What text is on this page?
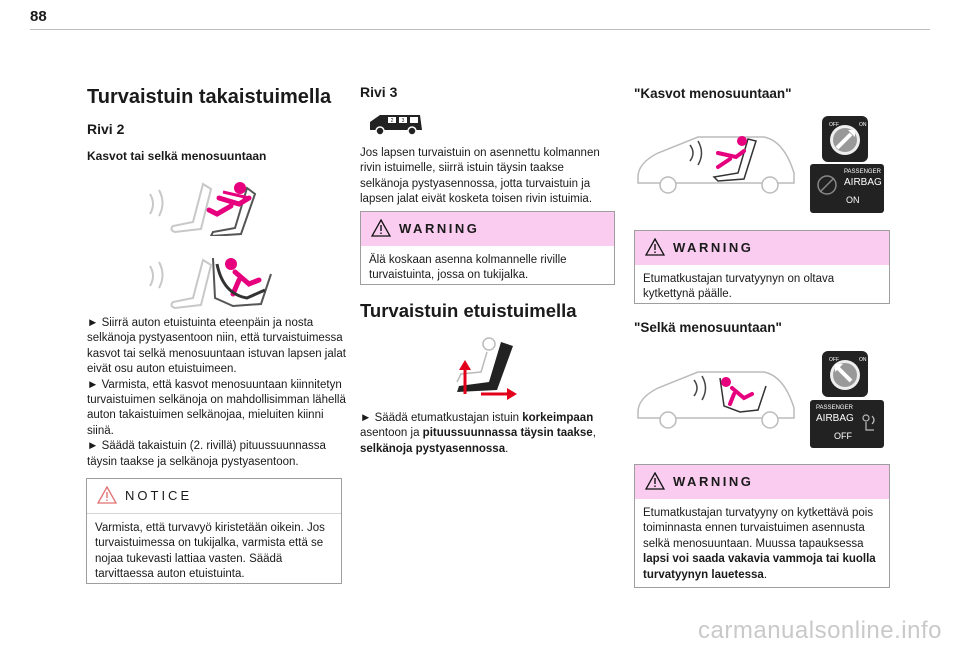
88
Turvaistuin takaistuimella
Rivi 2
Kasvot tai selkä menosuuntaan

► Siirrä auton etuistuinta eteenpäin ja nosta selkänoja pystyasentoon niin, että turvaistuimessa kasvot tai selkä menosuuntaan istuvan lapsen jalat eivät osu auton etuistuimeen.

► Varmista, että kasvot menosuuntaan kiinnitetyn turvaistuimen selkänoja on mahdollisimman lähellä auton takaistuimen selkänojaa, mieluiten kiinni siinä.

► Säädä takaistuin (2. rivillä) pituussuunnassa täysin taakse ja selkänoja pystyasentoon.

NOTICE
Varmista, että turvavyö kiristetään oikein. Jos turvaistuimessa on tukijalka, varmista että se nojaa tukevasti lattiaa vasten. Säädä tarvittaessa auton etuistuinta.
Rivi 3
2 3
Jos lapsen turvaistuin on asennettu kolmannen rivin istuimelle, siirrä istuin täysin taakse selkänoja pystyasennossa, jotta turvaistuin ja lapsen jalat eivät kosketa toisen rivin istuimia.
WARNING
Älä koskaan asenna kolmannelle riville turvaistuinta, jossa on tukijalka.
Turvaistuin etuistuimella
► Säädä etumatkustajan istuin korkeimpaan asentoon ja pituussuunnassa täysin taakse, selkänoja pystyasennossa.
"Kasvot menosuuntaan"
OFF	ON
PASSENGER
AIRBAG
ON
WARNING
Etumatkustajan turvatyynyn on oltava kytkettynä päälle.
"Selkä menosuuntaan"
OFF	ON
PASSENGER
AIRBAG
OFF
WARNING
Etumatkustajan turvatyyny on kytkettävä pois toiminnasta ennen turvaistuimen asennusta selkä menosuuntaan. Muussa tapauksessa lapsi voi saada vakavia vammoja tai kuolla turvatyynyn lauetessa.
carmanualsonline.info
